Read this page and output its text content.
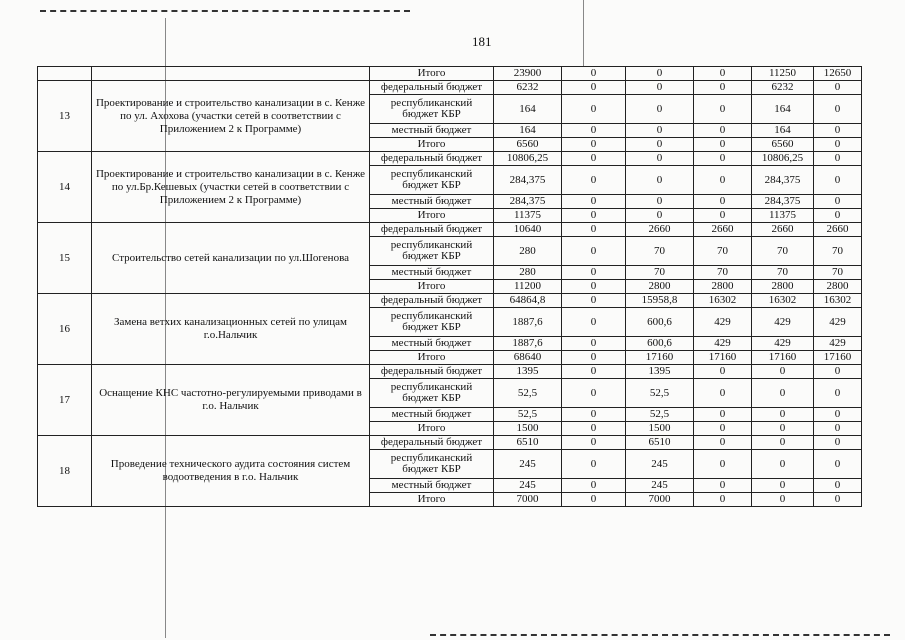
181
		Итого	23900	0	0	0	11250	12650
13	Проектирование и строительство канализации в с. Кенже по ул. Ахохова (участки сетей в соответствии с Приложением 2 к Программе)	федеральный бюджет	6232	0	0	0	6232	0
		республиканский бюджет КБР	164	0	0	0	164	0
		местный бюджет	164	0	0	0	164	0
		Итого	6560	0	0	0	6560	0
14	Проектирование и строительство канализации в с. Кенже по ул.Бр.Кешевых (участки сетей в соответствии с Приложением 2 к Программе)	федеральный бюджет	10806,25	0	0	0	10806,25	0
		республиканский бюджет КБР	284,375	0	0	0	284,375	0
		местный бюджет	284,375	0	0	0	284,375	0
		Итого	11375	0	0	0	11375	0
15	Строительство сетей канализации по ул.Шогенова	федеральный бюджет	10640	0	2660	2660	2660	2660
		республиканский бюджет КБР	280	0	70	70	70	70
		местный бюджет	280	0	70	70	70	70
		Итого	11200	0	2800	2800	2800	2800
16	Замена ветхих канализационных сетей по улицам г.о.Нальчик	федеральный бюджет	64864,8	0	15958,8	16302	16302	16302
		республиканский бюджет КБР	1887,6	0	600,6	429	429	429
		местный бюджет	1887,6	0	600,6	429	429	429
		Итого	68640	0	17160	17160	17160	17160
17	Оснащение КНС частотно-регулируемыми приводами в г.о. Нальчик	федеральный бюджет	1395	0	1395	0	0	0
		республиканский бюджет КБР	52,5	0	52,5	0	0	0
		местный бюджет	52,5	0	52,5	0	0	0
		Итого	1500	0	1500	0	0	0
18	Проведение технического аудита состояния систем водоотведения в г.о. Нальчик	федеральный бюджет	6510	0	6510	0	0	0
		республиканский бюджет КБР	245	0	245	0	0	0
		местный бюджет	245	0	245	0	0	0
		Итого	7000	0	7000	0	0	0
